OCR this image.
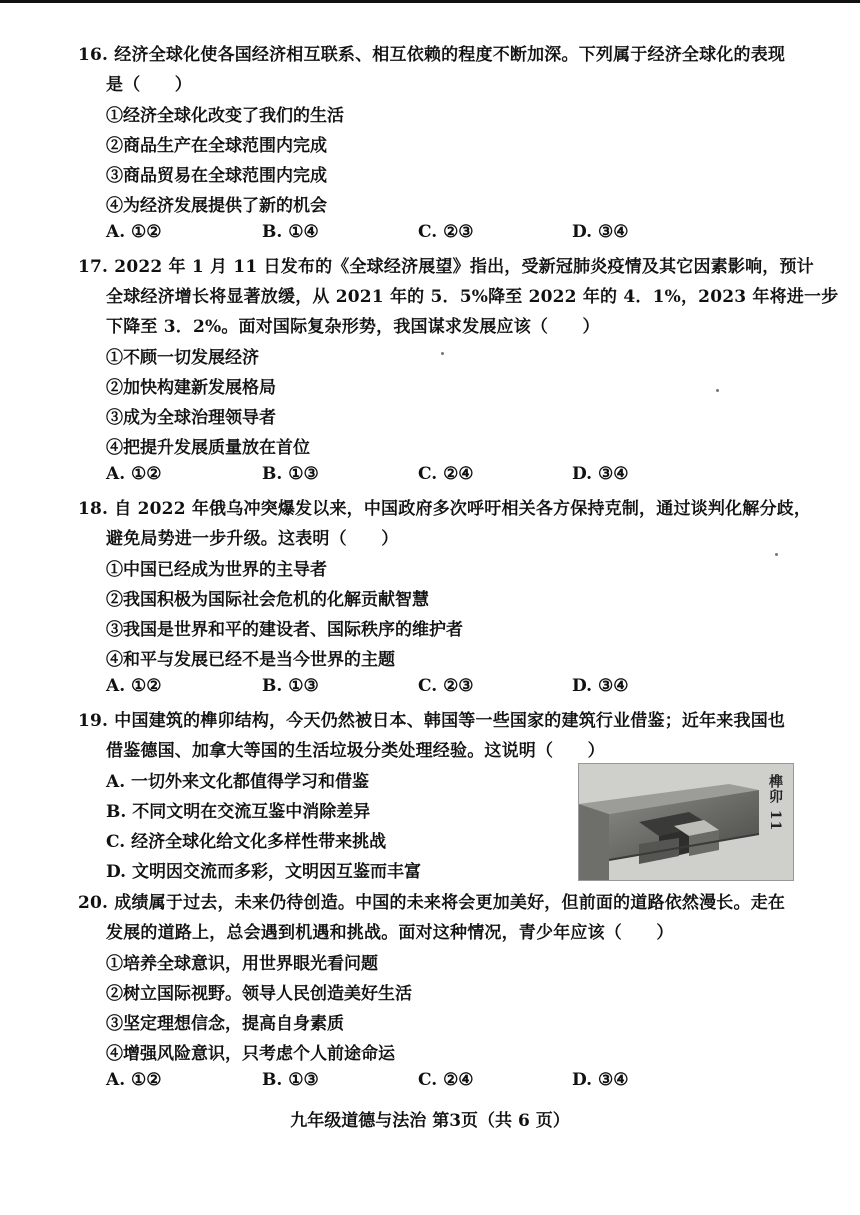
16. 经济全球化使各国经济相互联系、相互依赖的程度不断加深。下列属于经济全球化的表现
是（　　）
①经济全球化改变了我们的生活
②商品生产在全球范围内完成
③商品贸易在全球范围内完成
④为经济发展提供了新的机会
A. ①②	B. ①④	C. ②③	D. ③④
17. 2022 年 1 月 11 日发布的《全球经济展望》指出，受新冠肺炎疫情及其它因素影响，预计
全球经济增长将显著放缓，从 2021 年的 5．5%降至 2022 年的 4．1%，2023 年将进一步
下降至 3．2%。面对国际复杂形势，我国谋求发展应该（　　）
①不顾一切发展经济
②加快构建新发展格局
③成为全球治理领导者
④把提升发展质量放在首位
A. ①②	B. ①③	C. ②④	D. ③④
18. 自 2022 年俄乌冲突爆发以来，中国政府多次呼吁相关各方保持克制，通过谈判化解分歧，
避免局势进一步升级。这表明（　　）
①中国已经成为世界的主导者
②我国积极为国际社会危机的化解贡献智慧
③我国是世界和平的建设者、国际秩序的维护者
④和平与发展已经不是当今世界的主题
A. ①②	B. ①③	C. ②③	D. ③④
19. 中国建筑的榫卯结构，今天仍然被日本、韩国等一些国家的建筑行业借鉴；近年来我国也
借鉴德国、加拿大等国的生活垃圾分类处理经验。这说明（　　）
A. 一切外来文化都值得学习和借鉴
B. 不同文明在交流互鉴中消除差异
C. 经济全球化给文化多样性带来挑战
D. 文明因交流而多彩，文明因互鉴而丰富
榫卯 11
20. 成绩属于过去，未来仍待创造。中国的未来将会更加美好，但前面的道路依然漫长。走在
发展的道路上，总会遇到机遇和挑战。面对这种情况，青少年应该（　　）
①培养全球意识，用世界眼光看问题
②树立国际视野。领导人民创造美好生活
③坚定理想信念，提高自身素质
④增强风险意识，只考虑个人前途命运
A. ①②	B. ①③	C. ②④	D. ③④
九年级道德与法治 第3页（共 6 页）
